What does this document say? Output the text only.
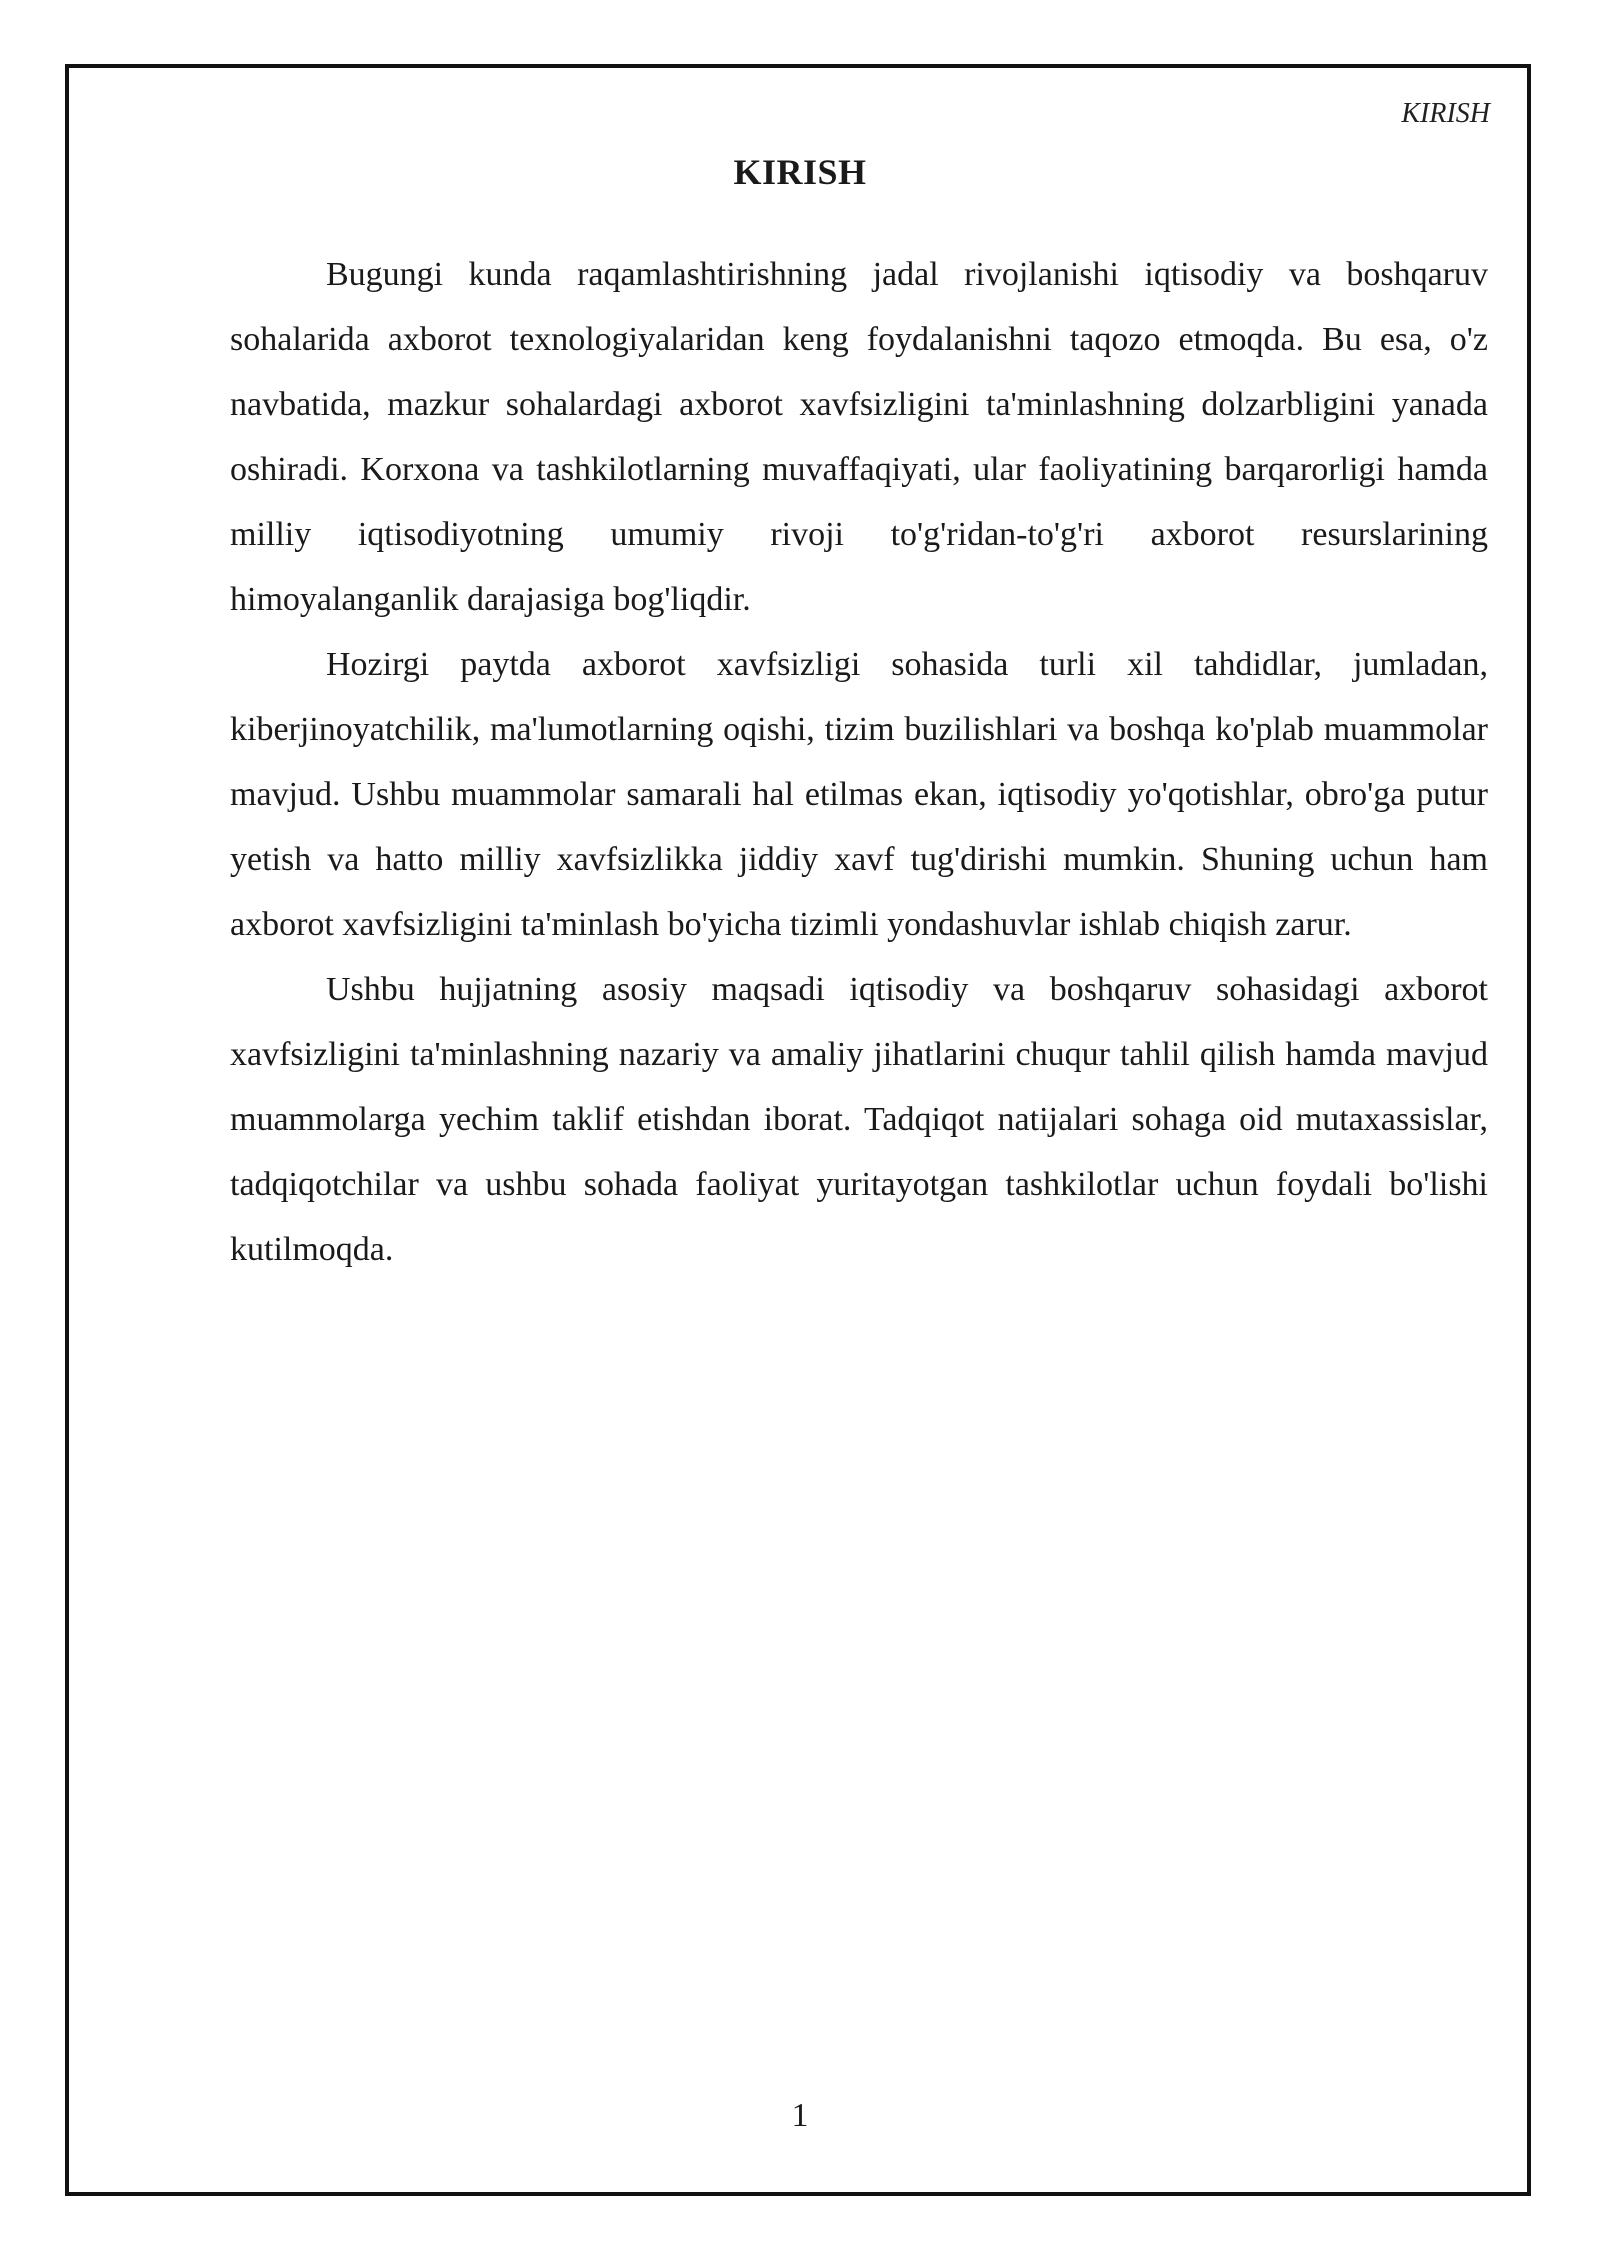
KIRISH
KIRISH

Bugungi kunda raqamlashtirishning jadal rivojlanishi iqtisodiy va boshqaruv sohalarida axborot texnologiyalaridan keng foydalanishni taqozo etmoqda. Bu esa, o'z navbatida, mazkur sohalardagi axborot xavfsizligini ta'minlashning dolzarbligini yanada oshiradi. Korxona va tashkilotlarning muvaffaqiyati, ular faoliyatining barqarorligi hamda milliy iqtisodiyotning umumiy rivoji to'g'ridan-to'g'ri axborot resurslarining himoyalanganlik darajasiga bog'liqdir.

Hozirgi paytda axborot xavfsizligi sohasida turli xil tahdidlar, jumladan, kiberjinoyatchilik, ma'lumotlarning oqishi, tizim buzilishlari va boshqa ko'plab muammolar mavjud. Ushbu muammolar samarali hal etilmas ekan, iqtisodiy yo'qotishlar, obro'ga putur yetish va hatto milliy xavfsizlikka jiddiy xavf tug'dirishi mumkin. Shuning uchun ham axborot xavfsizligini ta'minlash bo'yicha tizimli yondashuvlar ishlab chiqish zarur.

Ushbu hujjatning asosiy maqsadi iqtisodiy va boshqaruv sohasidagi axborot xavfsizligini ta'minlashning nazariy va amaliy jihatlarini chuqur tahlil qilish hamda mavjud muammolarga yechim taklif etishdan iborat. Tadqiqot natijalari sohaga oid mutaxassislar, tadqiqotchilar va ushbu sohada faoliyat yuritayotgan tashkilotlar uchun foydali bo'lishi kutilmoqda.

1
